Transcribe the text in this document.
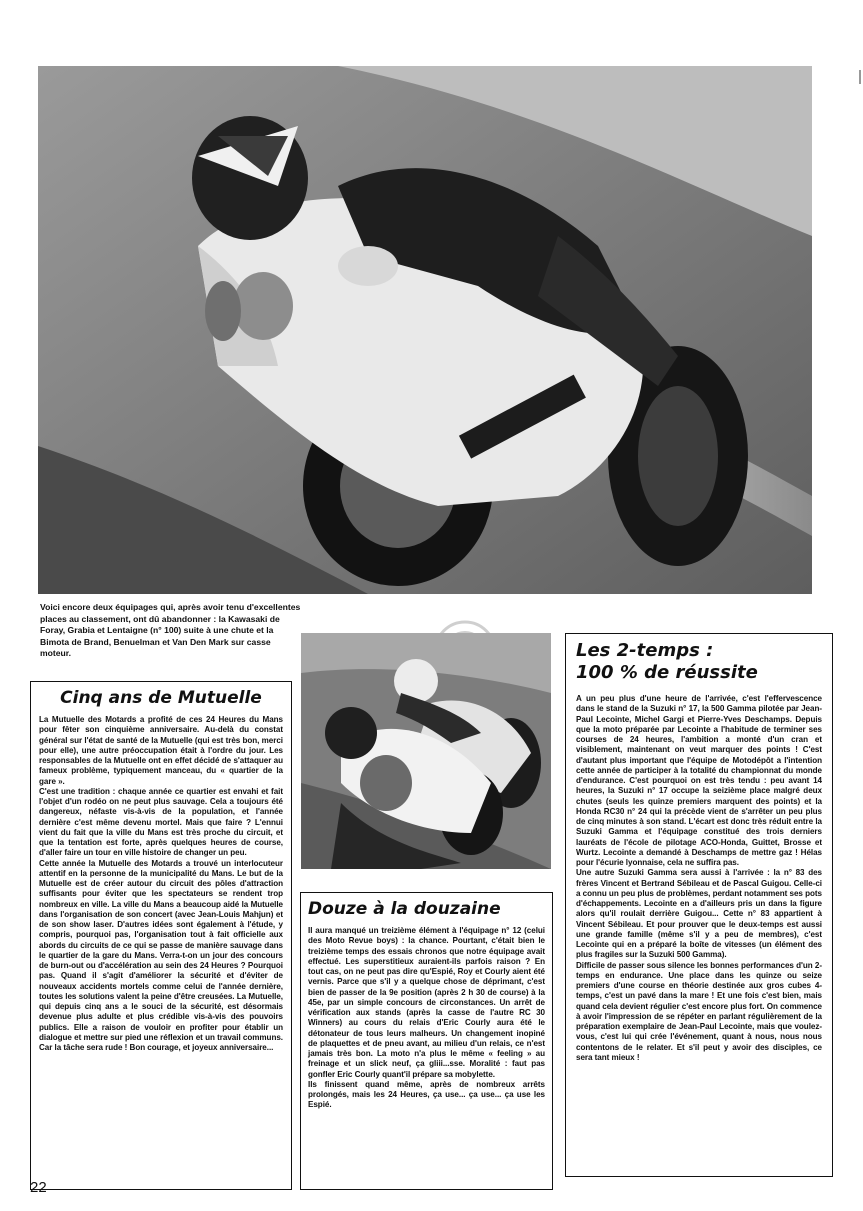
Voici encore deux équipages qui, après avoir tenu d'excellentes places au classement, ont dû abandonner : la Kawasaki de Foray, Grabia et Lentaigne (n° 100) suite à une chute et la Bimota de Brand, Benuelman et Van Den Mark sur casse moteur.
Cinq ans de Mutuelle

La Mutuelle des Motards a profité de ces 24 Heures du Mans pour fêter son cinquième anniversaire. Au-delà du constat général sur l'état de santé de la Mutuelle (qui est très bon, merci pour elle), une autre préoccupation était à l'ordre du jour. Les responsables de la Mutuelle ont en effet décidé de s'attaquer au fameux problème, typiquement manceau, du « quartier de la gare ».

C'est une tradition : chaque année ce quartier est envahi et fait l'objet d'un rodéo on ne peut plus sauvage. Cela a toujours été dangereux, néfaste vis-à-vis de la population, et l'année dernière c'est même devenu mortel. Mais que faire ? L'ennui vient du fait que la ville du Mans est très proche du circuit, et que la tentation est forte, après quelques heures de course, d'aller faire un tour en ville histoire de changer un peu.

Cette année la Mutuelle des Motards a trouvé un interlocuteur attentif en la personne de la municipalité du Mans. Le but de la Mutuelle est de créer autour du circuit des pôles d'attraction suffisants pour éviter que les spectateurs se rendent trop nombreux en ville. La ville du Mans a beaucoup aidé la Mutuelle dans l'organisation de son concert (avec Jean-Louis Mahjun) et de son show laser. D'autres idées sont également à l'étude, y compris, pourquoi pas, l'organisation tout à fait officielle aux abords du circuits de ce qui se passe de manière sauvage dans le quartier de la gare du Mans. Verra-t-on un jour des concours de burn-out ou d'accélération au sein des 24 Heures ? Pourquoi pas. Quand il s'agit d'améliorer la sécurité et d'éviter de nouveaux accidents mortels comme celui de l'année dernière, toutes les solutions valent la peine d'être creusées. La Mutuelle, qui depuis cinq ans a le souci de la sécurité, est désormais devenue plus adulte et plus crédible vis-à-vis des pouvoirs publics. Elle a raison de vouloir en profiter pour établir un dialogue et mettre sur pied une réflexion et un travail communs. Car la tâche sera rude ! Bon courage, et joyeux anniversaire...

Douze à la douzaine

Il aura manqué un treizième élément à l'équipage n° 12 (celui des Moto Revue boys) : la chance. Pourtant, c'était bien le treizième temps des essais chronos que notre équipage avait effectué. Les superstitieux auraient-ils parfois raison ? En tout cas, on ne peut pas dire qu'Espié, Roy et Courly aient été vernis. Parce que s'il y a quelque chose de déprimant, c'est bien de passer de la 9e position (après 2 h 30 de course) à la 45e, par un simple concours de circonstances. Un arrêt de vérification aux stands (après la casse de l'autre RC 30 Winners) au cours du relais d'Eric Courly aura été le détonateur de tous leurs malheurs. Un changement inopiné de plaquettes et de pneu avant, au milieu d'un relais, ce n'est jamais très bon. La moto n'a plus le même « feeling » au freinage et un slick neuf, ça gliii...sse. Moralité : faut pas gonfler Eric Courly quant'il prépare sa mobylette.

Ils finissent quand même, après de nombreux arrêts prolongés, mais les 24 Heures, ça use... ça use... ça use les Espié.

Les 2-temps :
100 % de réussite

A un peu plus d'une heure de l'arrivée, c'est l'effervescence dans le stand de la Suzuki n° 17, la 500 Gamma pilotée par Jean-Paul Lecointe, Michel Gargi et Pierre-Yves Deschamps. Depuis que la moto préparée par Lecointe a l'habitude de terminer ses courses de 24 heures, l'ambition a monté d'un cran et visiblement, maintenant on veut marquer des points ! C'est d'autant plus important que l'équipe de Motodépôt a l'intention cette année de participer à la totalité du championnat du monde d'endurance. C'est pourquoi on est très tendu : peu avant 14 heures, la Suzuki n° 17 occupe la seizième place malgré deux chutes (seuls les quinze premiers marquent des points) et la Honda RC30 n° 24 qui la précède vient de s'arrêter un peu plus de cinq minutes à son stand. L'écart est donc très réduit entre la Suzuki Gamma et l'équipage constitué des trois derniers lauréats de l'école de pilotage ACO-Honda, Guittet, Brosse et Wurtz. Lecointe a demandé à Deschamps de mettre gaz ! Hélas pour l'écurie lyonnaise, cela ne suffira pas.

Une autre Suzuki Gamma sera aussi à l'arrivée : la n° 83 des frères Vincent et Bertrand Sébileau et de Pascal Guigou. Celle-ci a connu un peu plus de problèmes, perdant notamment ses pots d'échappements. Lecointe en a d'ailleurs pris un dans la figure alors qu'il roulait derrière Guigou... Cette n° 83 appartient à Vincent Sébileau. Et pour prouver que le deux-temps est aussi une grande famille (même s'il y a peu de membres), c'est Lecointe qui en a préparé la boîte de vitesses (un élément des plus fragiles sur la Suzuki 500 Gamma).

Difficile de passer sous silence les bonnes performances d'un 2-temps en endurance. Une place dans les quinze ou seize premiers d'une course en théorie destinée aux gros cubes 4-temps, c'est un pavé dans la mare ! Et une fois c'est bien, mais quand cela devient régulier c'est encore plus fort. On commence à avoir l'impression de se répéter en parlant régulièrement de la préparation exemplaire de Jean-Paul Lecointe, mais que voulez-vous, c'est lui qui crée l'événement, quant à nous, nous nous contentons de le relater. Et s'il peut y avoir des disciples, ce sera tant mieux !

22
